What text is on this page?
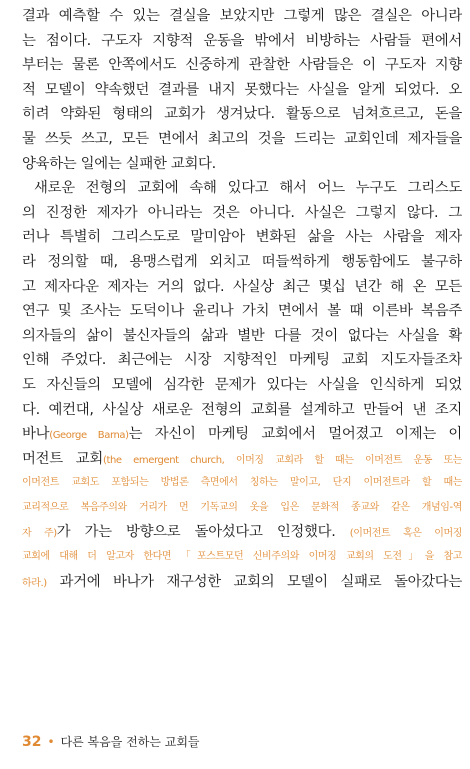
결과 예측할 수 있는 결실을 보았지만 그렇게 많은 결실은 아니라
는 점이다. 구도자 지향적 운동을 밖에서 비방하는 사람들 편에서
부터는 물론 안쪽에서도 신중하게 관찰한 사람들은 이 구도자 지향
적 모델이 약속했던 결과를 내지 못했다는 사실을 알게 되었다. 오
히려 약화된 형태의 교회가 생겨났다. 활동으로 넘쳐흐르고, 돈을
물 쓰듯 쓰고, 모든 면에서 최고의 것을 드리는 교회인데 제자들을
양육하는 일에는 실패한 교회다.
새로운 전형의 교회에 속해 있다고 해서 어느 누구도 그리스도
의 진정한 제자가 아니라는 것은 아니다. 사실은 그렇지 않다. 그
러나 특별히 그리스도로 말미암아 변화된 삶을 사는 사람을 제자
라 정의할 때, 용맹스럽게 외치고 떠들썩하게 행동함에도 불구하
고 제자다운 제자는 거의 없다. 사실상 최근 몇십 년간 해 온 모든
연구 및 조사는 도덕이나 윤리나 가치 면에서 볼 때 이른바 복음주
의자들의 삶이 불신자들의 삶과 별반 다를 것이 없다는 사실을 확
인해 주었다. 최근에는 시장 지향적인 마케팅 교회 지도자들조차
도 자신들의 모델에 심각한 문제가 있다는 사실을 인식하게 되었
다. 예컨대, 사실상 새로운 전형의 교회를 설계하고 만들어 낸 조지
바나(George Barna)는 자신이 마케팅 교회에서 멀어졌고 이제는 이
머전트 교회(the emergent church, 이머징 교회라 할 때는 이머전트 운동 또는
이머전트 교회도 포함되는 방법론 측면에서 칭하는 말이고, 단지 이머전트라 할 때는
교리적으로 복음주의와 거리가 먼 기독교의 옷을 입은 문화적 종교와 같은 개념임-역
자 주)가 가는 방향으로 돌아섰다고 인정했다. (이머전트 혹은 이머징
교회에 대해 더 알고자 한다면 「포스트모던 신비주의와 이머징 교회의 도전」을 참고
하라.) 과거에 바나가 재구성한 교회의 모델이 실패로 돌아갔다는
32 • 다른 복음을 전하는 교회들
